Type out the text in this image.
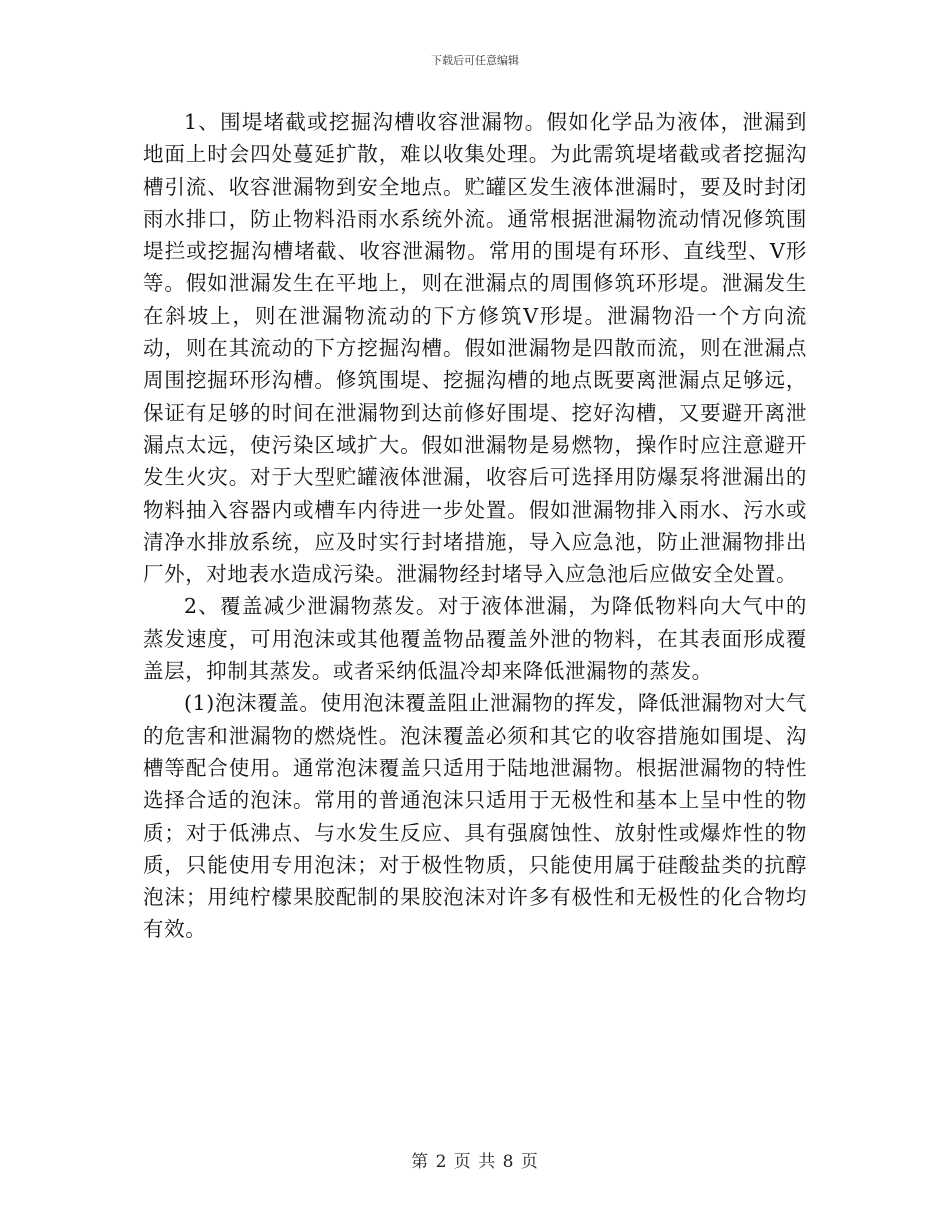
下载后可任意编辑

1、围堤堵截或挖掘沟槽收容泄漏物。假如化学品为液体，泄漏到地面上时会四处蔓延扩散，难以收集处理。为此需筑堤堵截或者挖掘沟槽引流、收容泄漏物到安全地点。贮罐区发生液体泄漏时，要及时封闭雨水排口，防止物料沿雨水系统外流。通常根据泄漏物流动情况修筑围堤拦或挖掘沟槽堵截、收容泄漏物。常用的围堤有环形、直线型、V形等。假如泄漏发生在平地上，则在泄漏点的周围修筑环形堤。泄漏发生在斜坡上，则在泄漏物流动的下方修筑V形堤。泄漏物沿一个方向流动，则在其流动的下方挖掘沟槽。假如泄漏物是四散而流，则在泄漏点周围挖掘环形沟槽。修筑围堤、挖掘沟槽的地点既要离泄漏点足够远，保证有足够的时间在泄漏物到达前修好围堤、挖好沟槽，又要避开离泄漏点太远，使污染区域扩大。假如泄漏物是易燃物，操作时应注意避开发生火灾。对于大型贮罐液体泄漏，收容后可选择用防爆泵将泄漏出的物料抽入容器内或槽车内待进一步处置。假如泄漏物排入雨水、污水或清净水排放系统，应及时实行封堵措施，导入应急池，防止泄漏物排出厂外，对地表水造成污染。泄漏物经封堵导入应急池后应做安全处置。

2、覆盖减少泄漏物蒸发。对于液体泄漏，为降低物料向大气中的蒸发速度，可用泡沫或其他覆盖物品覆盖外泄的物料，在其表面形成覆盖层，抑制其蒸发。或者采纳低温冷却来降低泄漏物的蒸发。

(1)泡沫覆盖。使用泡沫覆盖阻止泄漏物的挥发，降低泄漏物对大气的危害和泄漏物的燃烧性。泡沫覆盖必须和其它的收容措施如围堤、沟槽等配合使用。通常泡沫覆盖只适用于陆地泄漏物。根据泄漏物的特性选择合适的泡沫。常用的普通泡沫只适用于无极性和基本上呈中性的物质；对于低沸点、与水发生反应、具有强腐蚀性、放射性或爆炸性的物质，只能使用专用泡沫；对于极性物质，只能使用属于硅酸盐类的抗醇泡沫；用纯柠檬果胶配制的果胶泡沫对许多有极性和无极性的化合物均有效。

第 2 页 共 8 页
